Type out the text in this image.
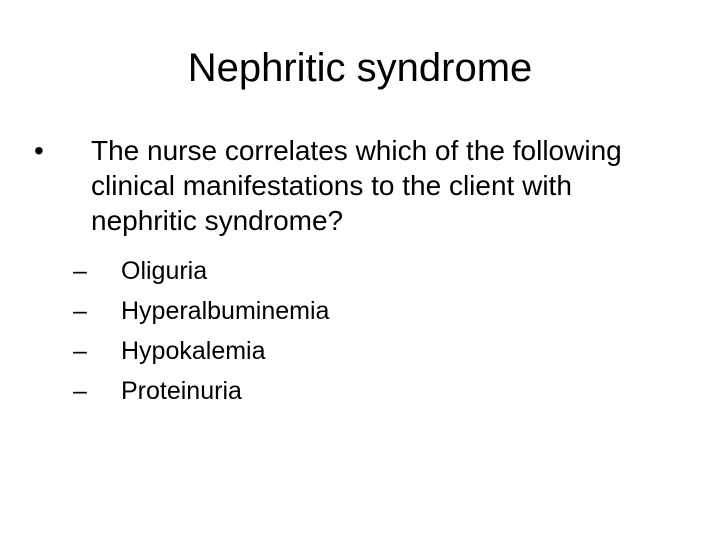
Nephritic syndrome
• The nurse correlates which of the following clinical manifestations to the client with nephritic syndrome?
– Oliguria
– Hyperalbuminemia
– Hypokalemia
– Proteinuria
